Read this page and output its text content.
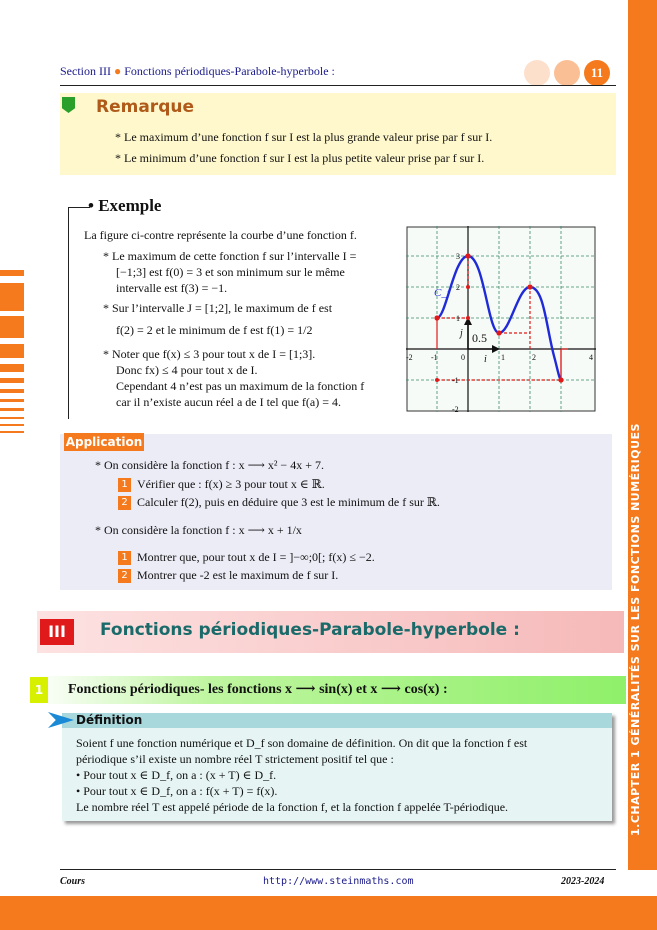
1.CHAPTER 1 GÉNÉRALITÉS SUR LES FONCTIONS NUMÉRIQUES
Section III ● Fonctions périodiques-Parabole-hyperbole :	11
Remarque
* Le maximum d’une fonction f sur I est la plus grande valeur prise par f sur I.
* Le minimum d’une fonction f sur I est la plus petite valeur prise par f sur I.
• Exemple
La figure ci-contre représente la courbe d’une fonction f.
* Le maximum de cette fonction f sur l’intervalle I =
[−1;3] est f(0) = 3 et son minimum sur le même
intervalle est f(3) = −1.
* Sur l’intervalle J = [1;2], le maximum de f est
f(2) = 2 et le minimum de f est f(1) = 1/2
* Noter que f(x) ≤ 3 pour tout x de I = [1;3].
Donc fx) ≤ 4 pour tout x de I.
Cependant 4 n’est pas un maximum de la fonction f
car il n’existe aucun réel a de I tel que f(a) = 4.
-2 -1	0	1	2	4
3
2
1
-1
-2
C_f
0.5
i
j
Application
* On considère la fonction f : x ⟶ x² − 4x + 7.
1 Vérifier que : f(x) ≥ 3 pour tout x ∈ ℝ.
2 Calculer f(2), puis en déduire que 3 est le minimum de f sur ℝ.
* On considère la fonction f : x ⟶ x + 1/x
1 Montrer que, pour tout x de I = ]−∞;0[; f(x) ≤ −2.
2 Montrer que -2 est le maximum de f sur I.
III	Fonctions périodiques-Parabole-hyperbole :
1	Fonctions périodiques- les fonctions x ⟶ sin(x) et x ⟶ cos(x) :
Définition
Soient f une fonction numérique et D_f son domaine de définition. On dit que la fonction f est
périodique s’il existe un nombre réel T strictement positif tel que :
• Pour tout x ∈ D_f, on a : (x + T) ∈ D_f.
• Pour tout x ∈ D_f, on a : f(x + T) = f(x).
Le nombre réel T est appelé période de la fonction f, et la fonction f appelée T-périodique.
Cours	http://www.steinmaths.com	2023-2024
